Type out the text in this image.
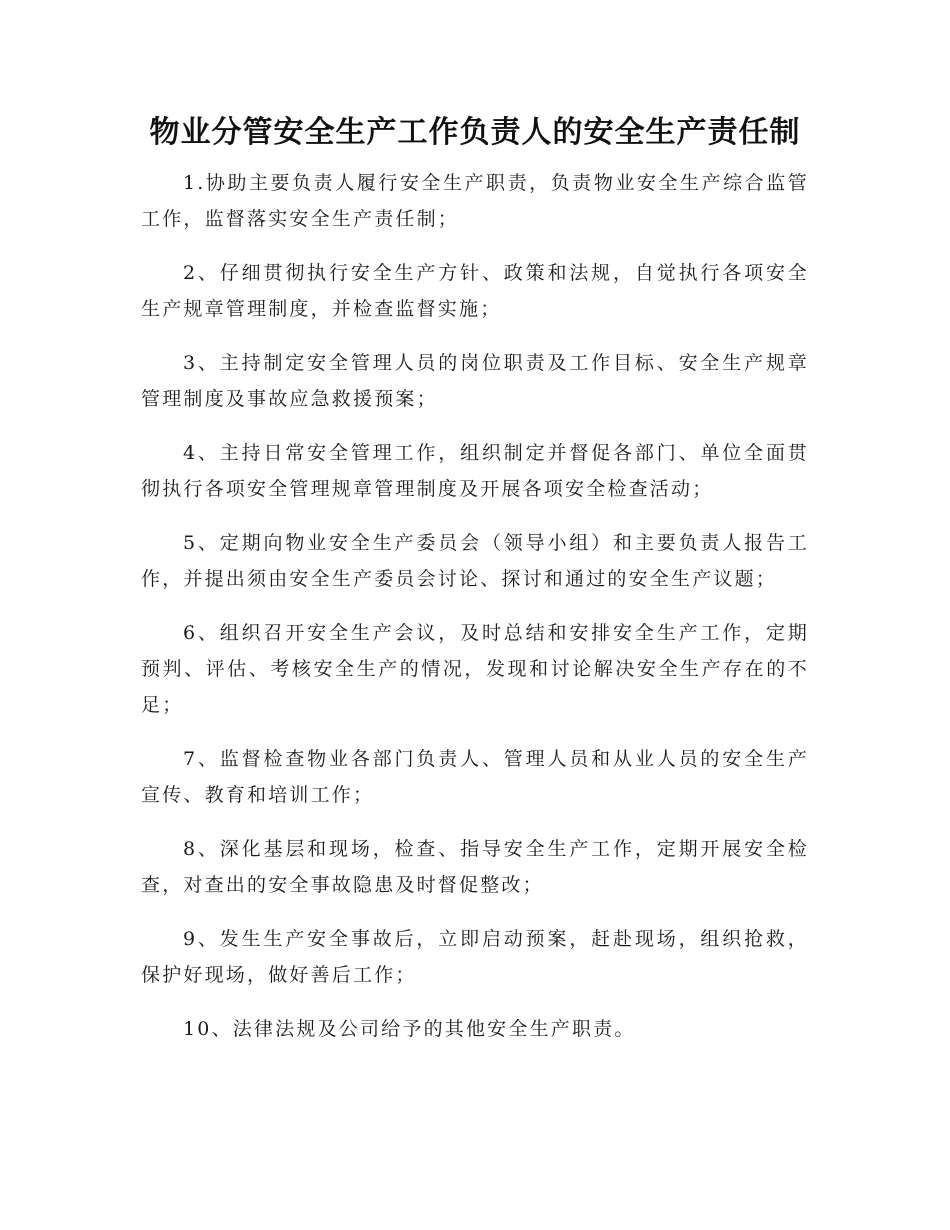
物业分管安全生产工作负责人的安全生产责任制

1.协助主要负责人履行安全生产职责，负责物业安全生产综合监管工作，监督落实安全生产责任制；

2、仔细贯彻执行安全生产方针、政策和法规，自觉执行各项安全生产规章管理制度，并检查监督实施；

3、主持制定安全管理人员的岗位职责及工作目标、安全生产规章管理制度及事故应急救援预案；

4、主持日常安全管理工作，组织制定并督促各部门、单位全面贯彻执行各项安全管理规章管理制度及开展各项安全检查活动；

5、定期向物业安全生产委员会（领导小组）和主要负责人报告工作，并提出须由安全生产委员会讨论、探讨和通过的安全生产议题；

6、组织召开安全生产会议，及时总结和安排安全生产工作，定期预判、评估、考核安全生产的情况，发现和讨论解决安全生产存在的不足；

7、监督检查物业各部门负责人、管理人员和从业人员的安全生产宣传、教育和培训工作；

8、深化基层和现场，检查、指导安全生产工作，定期开展安全检查，对查出的安全事故隐患及时督促整改；

9、发生生产安全事故后，立即启动预案，赶赴现场，组织抢救，保护好现场，做好善后工作；

10、法律法规及公司给予的其他安全生产职责。
